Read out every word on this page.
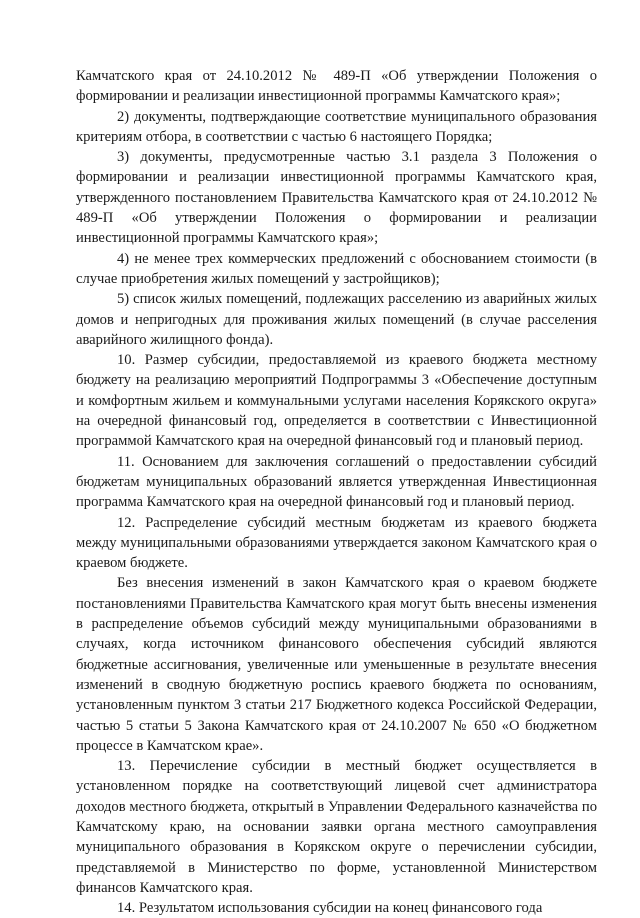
Камчатского края от 24.10.2012 № 489-П «Об утверждении Положения о формировании и реализации инвестиционной программы Камчатского края»;

2) документы, подтверждающие соответствие муниципального образования критериям отбора, в соответствии с частью 6 настоящего Порядка;

3) документы, предусмотренные частью 3.1 раздела 3 Положения о формировании и реализации инвестиционной программы Камчатского края, утвержденного постановлением Правительства Камчатского края от 24.10.2012 № 489-П «Об утверждении Положения о формировании и реализации инвестиционной программы Камчатского края»;

4) не менее трех коммерческих предложений с обоснованием стоимости (в случае приобретения жилых помещений у застройщиков);

5) список жилых помещений, подлежащих расселению из аварийных жилых домов и непригодных для проживания жилых помещений (в случае расселения аварийного жилищного фонда).

10. Размер субсидии, предоставляемой из краевого бюджета местному бюджету на реализацию мероприятий Подпрограммы 3 «Обеспечение доступным и комфортным жильем и коммунальными услугами населения Корякского округа» на очередной финансовый год, определяется в соответствии с Инвестиционной программой Камчатского края на очередной финансовый год и плановый период.

11. Основанием для заключения соглашений о предоставлении субсидий бюджетам муниципальных образований является утвержденная Инвестиционная программа Камчатского края на очередной финансовый год и плановый период.

12. Распределение субсидий местным бюджетам из краевого бюджета между муниципальными образованиями утверждается законом Камчатского края о краевом бюджете.

Без внесения изменений в закон Камчатского края о краевом бюджете постановлениями Правительства Камчатского края могут быть внесены изменения в распределение объемов субсидий между муниципальными образованиями в случаях, когда источником финансового обеспечения субсидий являются бюджетные ассигнования, увеличенные или уменьшенные в результате внесения изменений в сводную бюджетную роспись краевого бюджета по основаниям, установленным пунктом 3 статьи 217 Бюджетного кодекса Российской Федерации, частью 5 статьи 5 Закона Камчатского края от 24.10.2007 № 650 «О бюджетном процессе в Камчатском крае».

13. Перечисление субсидии в местный бюджет осуществляется в установленном порядке на соответствующий лицевой счет администратора доходов местного бюджета, открытый в Управлении Федерального казначейства по Камчатскому краю, на основании заявки органа местного самоуправления муниципального образования в Корякском округе о перечислении субсидии, представляемой в Министерство по форме, установленной Министерством финансов Камчатского края.

14. Результатом использования субсидии на конец финансового года
